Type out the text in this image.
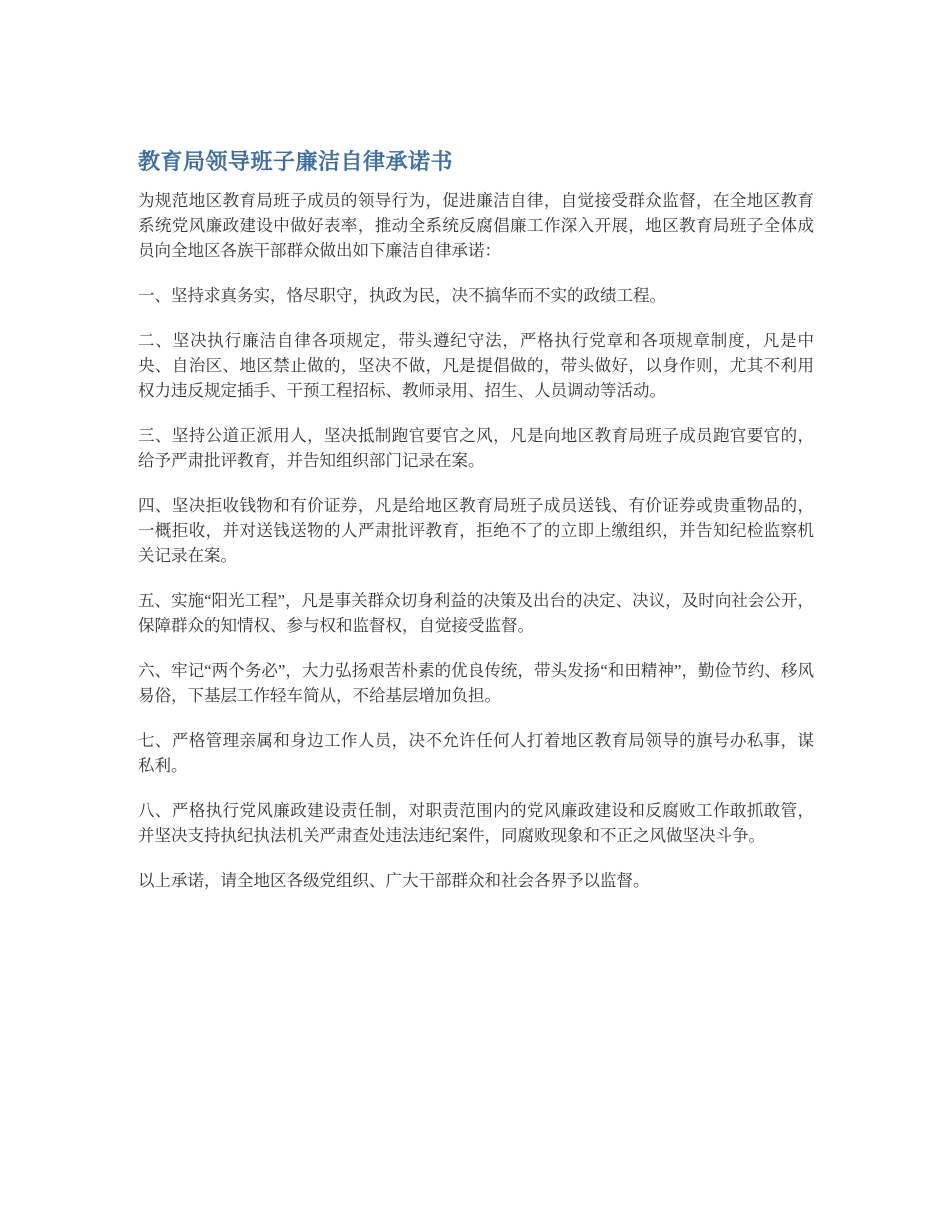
教育局领导班子廉洁自律承诺书

为规范地区教育局班子成员的领导行为，促进廉洁自律，自觉接受群众监督，在全地区教育系统党风廉政建设中做好表率，推动全系统反腐倡廉工作深入开展，地区教育局班子全体成员向全地区各族干部群众做出如下廉洁自律承诺：

一、坚持求真务实，恪尽职守，执政为民，决不搞华而不实的政绩工程。

二、坚决执行廉洁自律各项规定，带头遵纪守法，严格执行党章和各项规章制度，凡是中央、自治区、地区禁止做的，坚决不做，凡是提倡做的，带头做好，以身作则，尤其不利用权力违反规定插手、干预工程招标、教师录用、招生、人员调动等活动。

三、坚持公道正派用人，坚决抵制跑官要官之风，凡是向地区教育局班子成员跑官要官的，给予严肃批评教育，并告知组织部门记录在案。

四、坚决拒收钱物和有价证券，凡是给地区教育局班子成员送钱、有价证券或贵重物品的，一概拒收，并对送钱送物的人严肃批评教育，拒绝不了的立即上缴组织，并告知纪检监察机关记录在案。

五、实施“阳光工程”，凡是事关群众切身利益的决策及出台的决定、决议，及时向社会公开，保障群众的知情权、参与权和监督权，自觉接受监督。

六、牢记“两个务必”，大力弘扬艰苦朴素的优良传统，带头发扬“和田精神”，勤俭节约、移风易俗，下基层工作轻车简从，不给基层增加负担。

七、严格管理亲属和身边工作人员，决不允许任何人打着地区教育局领导的旗号办私事，谋私利。

八、严格执行党风廉政建设责任制，对职责范围内的党风廉政建设和反腐败工作敢抓敢管，并坚决支持执纪执法机关严肃查处违法违纪案件，同腐败现象和不正之风做坚决斗争。

以上承诺，请全地区各级党组织、广大干部群众和社会各界予以监督。
